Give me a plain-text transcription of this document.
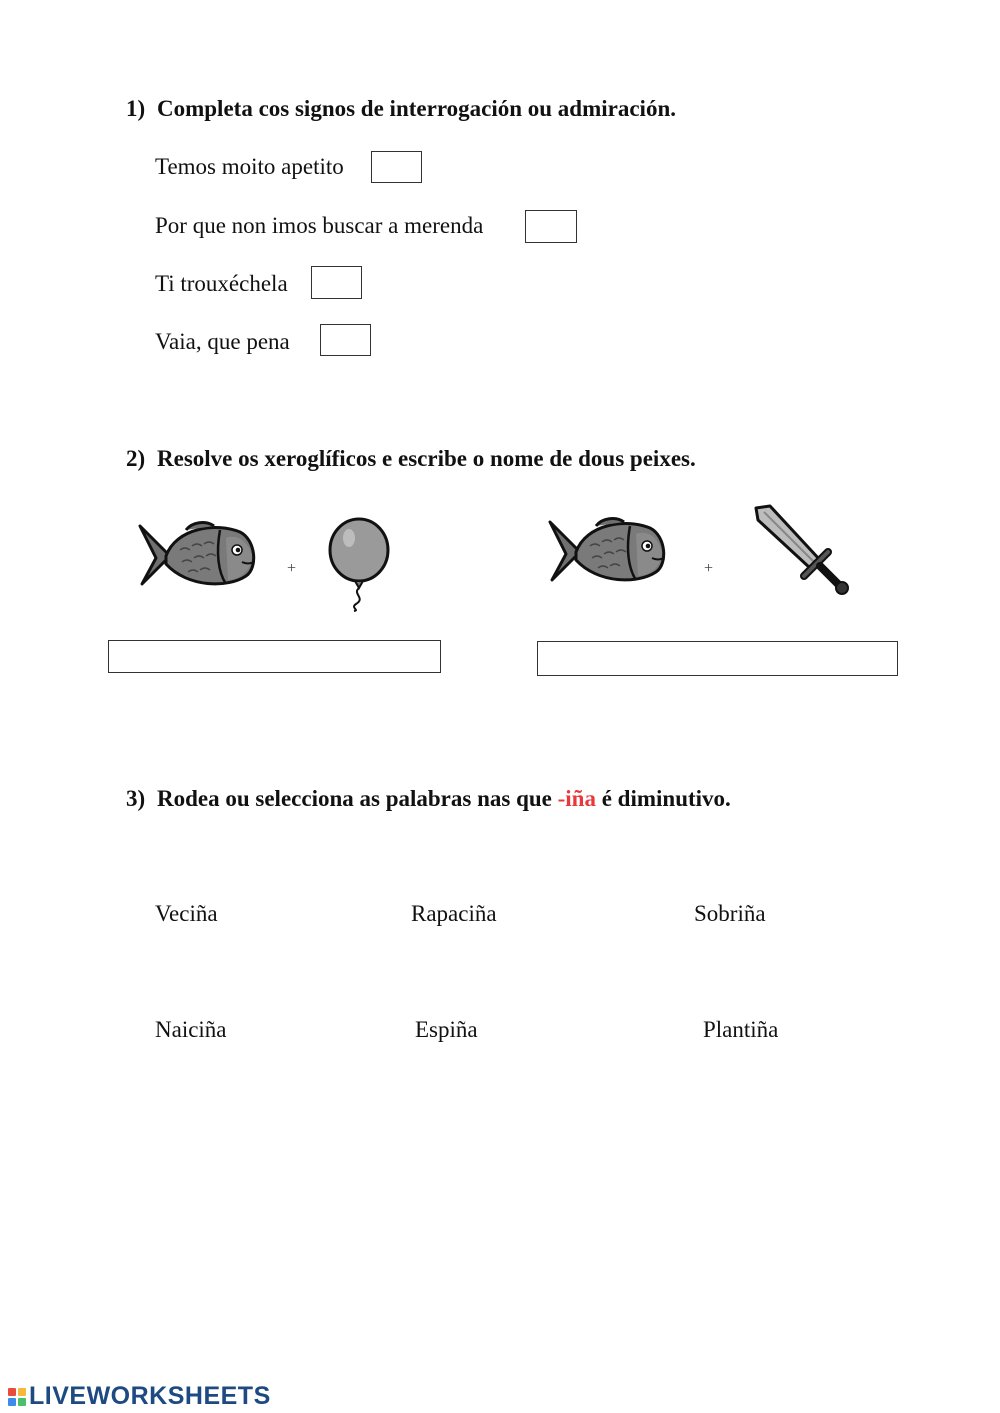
1) Completa cos signos de interrogación ou admiración.
Temos moito apetito
Por que non imos buscar a merenda
Ti trouxéchela
Vaia, que pena
2) Resolve os xeroglíficos e escribe o nome de dous peixes.
+	+
3) Rodea ou selecciona as palabras nas que -iña é diminutivo.
Veciña	Rapaciña	Sobriña
Naiciña	Espiña	Plantiña
LIVEWORKSHEETS
